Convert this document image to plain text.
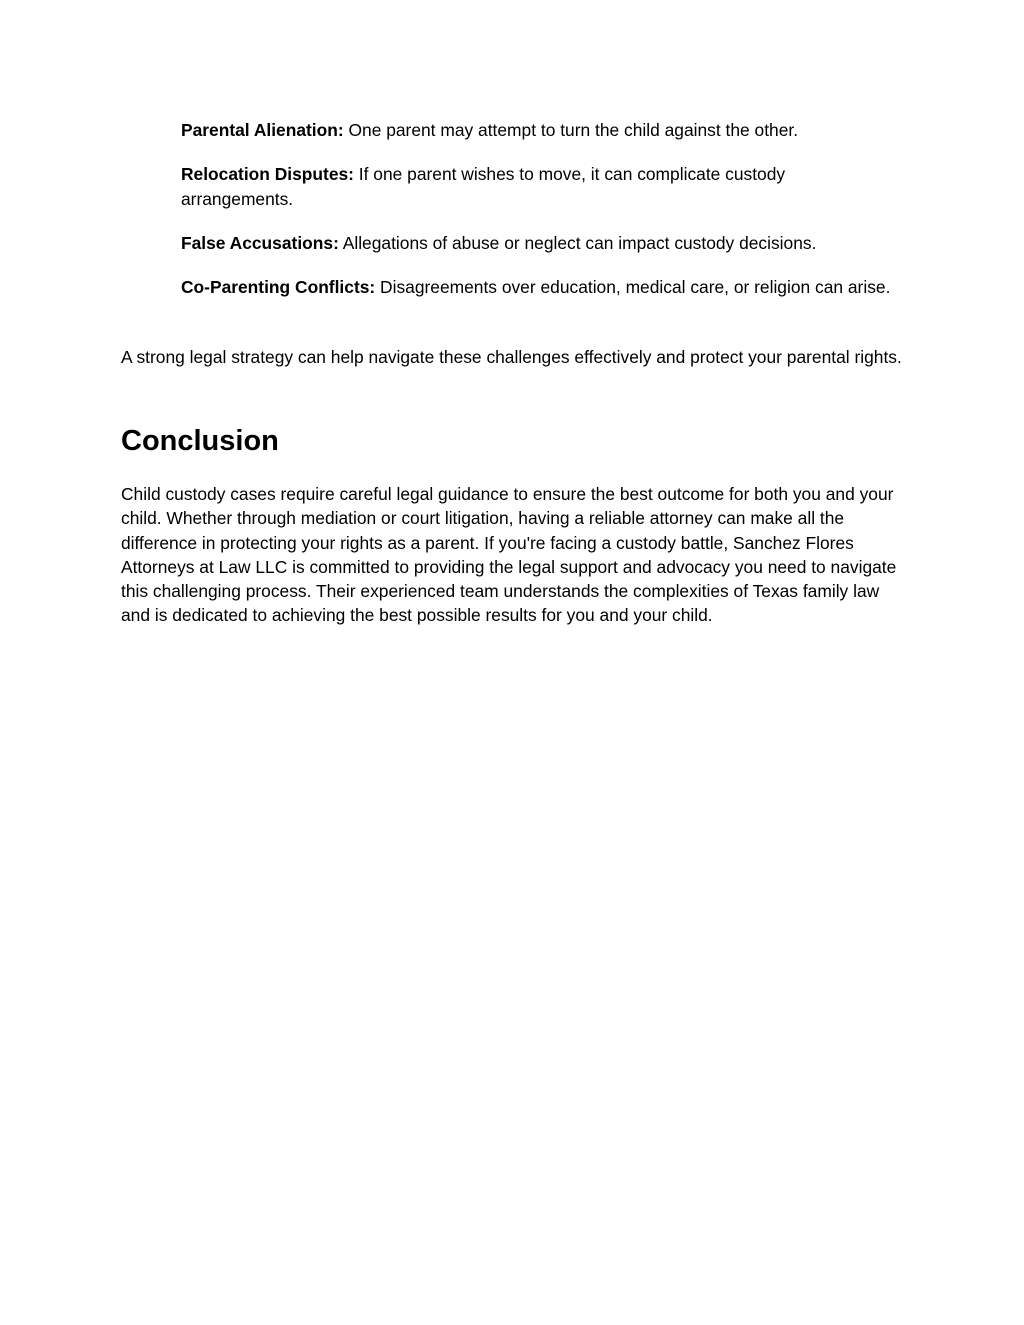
Parental Alienation: One parent may attempt to turn the child against the other.
Relocation Disputes: If one parent wishes to move, it can complicate custody arrangements.
False Accusations: Allegations of abuse or neglect can impact custody decisions.
Co-Parenting Conflicts: Disagreements over education, medical care, or religion can arise.

A strong legal strategy can help navigate these challenges effectively and protect your parental rights.

Conclusion

Child custody cases require careful legal guidance to ensure the best outcome for both you and your child. Whether through mediation or court litigation, having a reliable attorney can make all the difference in protecting your rights as a parent. If you're facing a custody battle, Sanchez Flores Attorneys at Law LLC is committed to providing the legal support and advocacy you need to navigate this challenging process. Their experienced team understands the complexities of Texas family law and is dedicated to achieving the best possible results for you and your child.
